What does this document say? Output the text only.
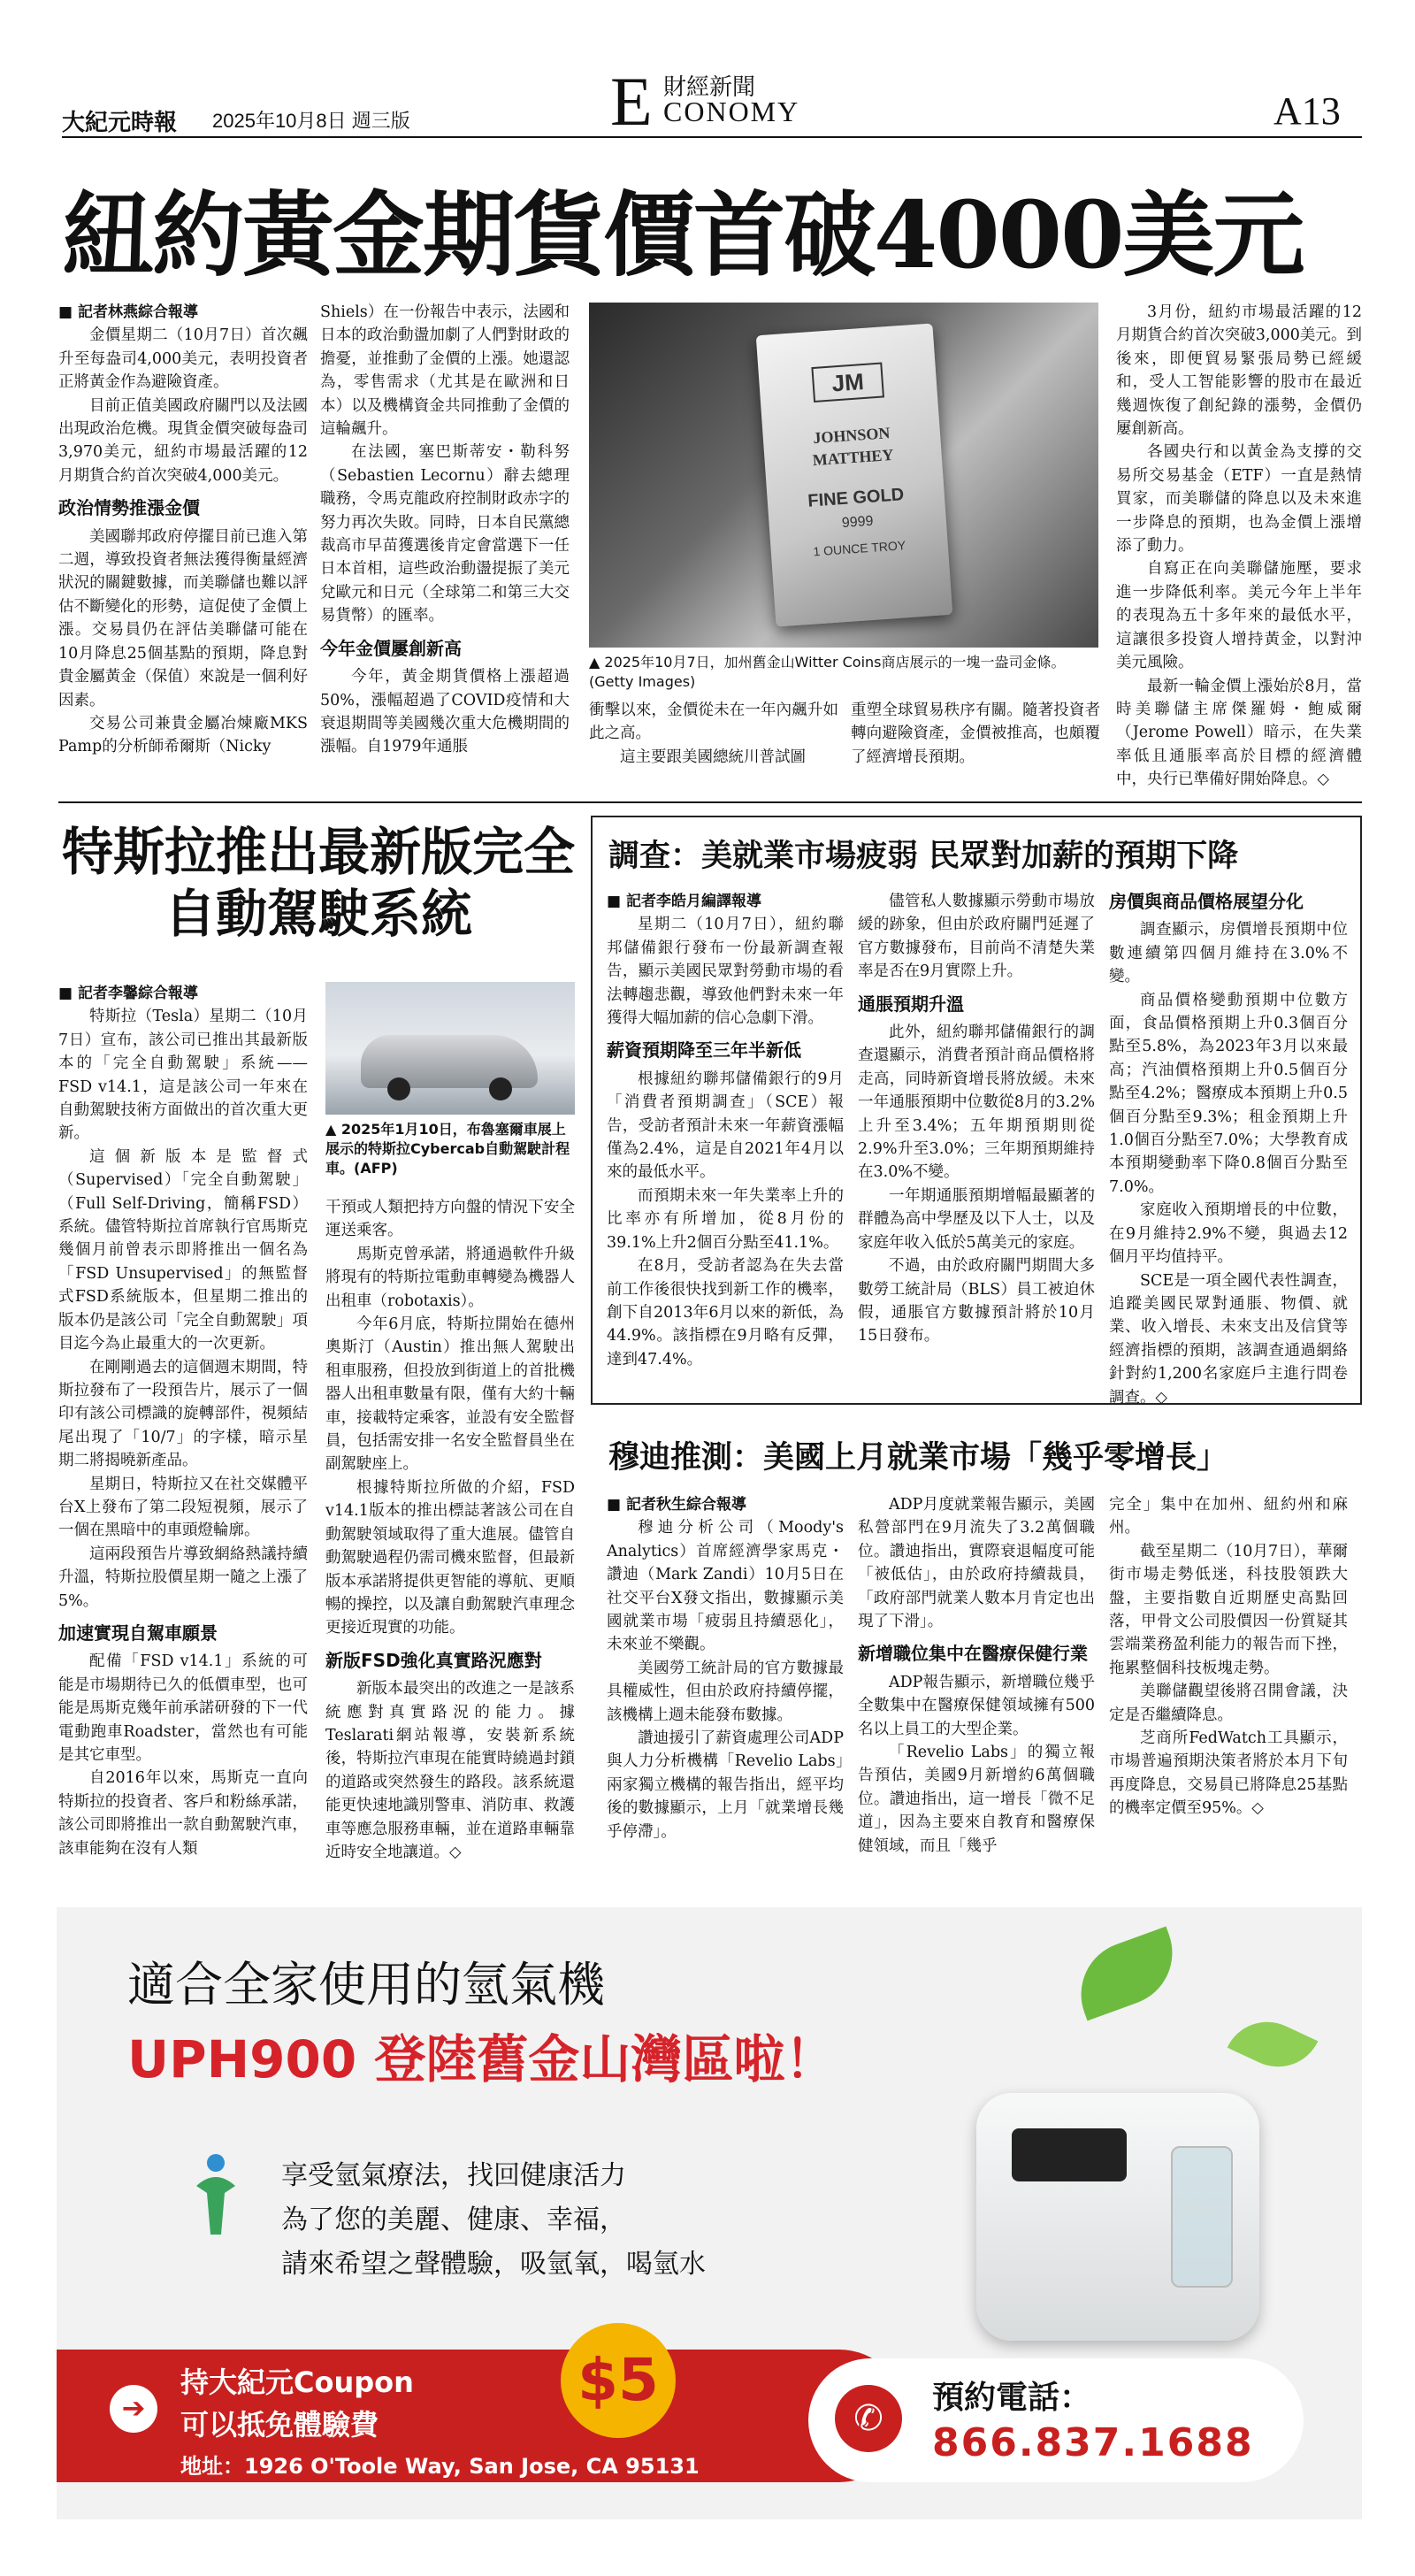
大紀元時報 2025年10月8日 週三版	E 財經新聞
CONOMY	A13
紐約黃金期貨價首破4000美元
■ 記者林燕綜合報導

金價星期二（10月7日）首次飆升至每盎司4,000美元，表明投資者正將黃金作為避險資產。

目前正值美國政府關門以及法國出現政治危機。現貨金價突破每盎司3,970美元，紐約市場最活躍的12月期貨合約首次突破4,000美元。

政治情勢推漲金價

美國聯邦政府停擺目前已進入第二週，導致投資者無法獲得衡量經濟狀況的關鍵數據，而美聯儲也難以評估不斷變化的形勢，這促使了金價上漲。交易員仍在評估美聯儲可能在10月降息25個基點的預期，降息對貴金屬黃金（保值）來說是一個利好因素。

交易公司兼貴金屬冶煉廠MKS Pamp的分析師希爾斯（Nicky

Shiels）在一份報告中表示，法國和日本的政治動盪加劇了人們對財政的擔憂，並推動了金價的上漲。她還認為，零售需求（尤其是在歐洲和日本）以及機構資金共同推動了金價的這輪飆升。

在法國，塞巴斯蒂安・勒科努（Sebastien Lecornu）辭去總理職務，令馬克龍政府控制財政赤字的努力再次失敗。同時，日本自民黨總裁高市早苗獲選後肯定會當選下一任日本首相，這些政治動盪提振了美元兌歐元和日元（全球第二和第三大交易貨幣）的匯率。

今年金價屢創新高

今年，黃金期貨價格上漲超過50%，漲幅超過了COVID疫情和大衰退期間等美國幾次重大危機期間的漲幅。自1979年通脹

JM
JOHNSON
MATTHEY
FINE GOLD
9999
1 OUNCE TROY
▲ 2025年10月7日，加州舊金山Witter Coins商店展示的一塊一盎司金條。(Getty Images)

衝擊以來，金價從未在一年內飆升如此之高。

這主要跟美國總統川普試圖

重塑全球貿易秩序有關。隨著投資者轉向避險資產，金價被推高，也頗覆了經濟增長預期。

3月份，紐約市場最活躍的12月期貨合約首次突破3,000美元。到後來，即便貿易緊張局勢已經緩和，受人工智能影響的股市在最近幾週恢復了創紀錄的漲勢，金價仍屢創新高。

各國央行和以黃金為支撐的交易所交易基金（ETF）一直是熱情買家，而美聯儲的降息以及未來進一步降息的預期，也為金價上漲增添了動力。

自寫正在向美聯儲施壓，要求進一步降低利率。美元今年上半年的表現為五十多年來的最低水平，這讓很多投資人增持黃金，以對沖美元風險。

最新一輪金價上漲始於8月，當時美聯儲主席傑羅姆・鮑威爾（Jerome Powell）暗示，在失業率低且通脹率高於目標的經濟體中，央行已準備好開始降息。◇

特斯拉推出最新版完全自動駕駛系統
■ 記者李馨綜合報導

特斯拉（Tesla）星期二（10月7日）宣布，該公司已推出其最新版本的「完全自動駕駛」系統——FSD v14.1，這是該公司一年來在自動駕駛技術方面做出的首次重大更新。

這個新版本是監督式（Supervised）「完全自動駕駛」（Full Self-Driving，簡稱FSD）系統。儘管特斯拉首席執行官馬斯克幾個月前曾表示即將推出一個名為「FSD Unsupervised」的無監督式FSD系統版本，但星期二推出的版本仍是該公司「完全自動駕駛」項目迄今為止最重大的一次更新。

在剛剛過去的這個週末期間，特斯拉發布了一段預告片，展示了一個印有該公司標識的旋轉部件，視頻結尾出現了「10/7」的字樣，暗示星期二將揭曉新產品。

星期日，特斯拉又在社交媒體平台X上發布了第二段短視頻，展示了一個在黑暗中的車頭燈輪廓。

這兩段預告片導致網絡熱議持續升溫，特斯拉股價星期一隨之上漲了5%。

加速實現自駕車願景

配備「FSD v14.1」系統的可能是市場期待已久的低價車型，也可能是馬斯克幾年前承諾研發的下一代電動跑車Roadster，當然也有可能是其它車型。

自2016年以來，馬斯克一直向特斯拉的投資者、客戶和粉絲承諾，該公司即將推出一款自動駕駛汽車，該車能夠在沒有人類

▲ 2025年1月10日，布魯塞爾車展上展示的特斯拉Cybercab自動駕駛計程車。(AFP)

干預或人類把持方向盤的情況下安全運送乘客。

馬斯克曾承諾，將通過軟件升級將現有的特斯拉電動車轉變為機器人出租車（robotaxis）。

今年6月底，特斯拉開始在德州奧斯汀（Austin）推出無人駕駛出租車服務，但投放到街道上的首批機器人出租車數量有限，僅有大約十輛車，接載特定乘客，並設有安全監督員，包括需安排一名安全監督員坐在副駕駛座上。

根據特斯拉所做的介紹，FSD v14.1版本的推出標誌著該公司在自動駕駛領域取得了重大進展。儘管自動駕駛過程仍需司機來監督，但最新版本承諾將提供更智能的導航、更順暢的操控，以及讓自動駕駛汽車理念更接近現實的功能。

新版FSD強化真實路況應對

新版本最突出的改進之一是該系統應對真實路況的能力。據Teslarati網站報導，安裝新系統後，特斯拉汽車現在能實時繞過封鎖的道路或突然發生的路段。該系統還能更快速地識別警車、消防車、救護車等應急服務車輛，並在道路車輛靠近時安全地讓道。◇

調查：美就業市場疲弱 民眾對加薪的預期下降
■ 記者李皓月編譯報導

星期二（10月7日），紐約聯邦儲備銀行發布一份最新調查報告，顯示美國民眾對勞動市場的看法轉趨悲觀，導致他們對未來一年獲得大幅加薪的信心急劇下滑。

薪資預期降至三年半新低

根據紐約聯邦儲備銀行的9月「消費者預期調查」（SCE）報告，受訪者預計未來一年薪資漲幅僅為2.4%，這是自2021年4月以來的最低水平。

而預期未來一年失業率上升的比率亦有所增加，從8月份的39.1%上升2個百分點至41.1%。

在8月，受訪者認為在失去當前工作後很快找到新工作的機率，創下自2013年6月以來的新低，為44.9%。該指標在9月略有反彈，達到47.4%。

儘管私人數據顯示勞動市場放緩的跡象，但由於政府關門延遲了官方數據發布，目前尚不清楚失業率是否在9月實際上升。

通脹預期升溫

此外，紐約聯邦儲備銀行的調查還顯示，消費者預計商品價格將走高，同時新資增長將放緩。未來一年通脹預期中位數從8月的3.2%上升至3.4%；五年期預期則從2.9%升至3.0%；三年期預期維持在3.0%不變。

一年期通脹預期增幅最顯著的群體為高中學歷及以下人士，以及家庭年收入低於5萬美元的家庭。

不過，由於政府關門期間大多數勞工統計局（BLS）員工被迫休假，通脹官方數據預計將於10月15日發布。

房價與商品價格展望分化

調查顯示，房價增長預期中位數連續第四個月維持在3.0%不變。

商品價格變動預期中位數方面，食品價格預期上升0.3個百分點至5.8%，為2023年3月以來最高；汽油價格預期上升0.5個百分點至4.2%；醫療成本預期上升0.5個百分點至9.3%；租金預期上升1.0個百分點至7.0%；大學教育成本預期變動率下降0.8個百分點至7.0%。

家庭收入預期增長的中位數，在9月維持2.9%不變，與過去12個月平均值持平。

SCE是一項全國代表性調查，追蹤美國民眾對通脹、物價、就業、收入增長、未來支出及信貸等經濟指標的預期，該調查通過網絡針對約1,200名家庭戶主進行問卷調查。◇

穆迪推測：美國上月就業市場「幾乎零增長」
■ 記者秋生綜合報導

穆迪分析公司（Moody's Analytics）首席經濟學家馬克・讚迪（Mark Zandi）10月5日在社交平台X發文指出，數據顯示美國就業市場「疲弱且持續惡化」，未來並不樂觀。

美國勞工統計局的官方數據最具權威性，但由於政府持續停擺，該機構上週未能發布數據。

讚迪援引了薪資處理公司ADP與人力分析機構「Revelio Labs」兩家獨立機構的報告指出，經平均後的數據顯示，上月「就業增長幾乎停滯」。

ADP月度就業報告顯示，美國私營部門在9月流失了3.2萬個職位。讚迪指出，實際衰退幅度可能「被低估」，由於政府持續裁員，「政府部門就業人數本月肯定也出現了下滑」。

新增職位集中在醫療保健行業

ADP報告顯示，新增職位幾乎全數集中在醫療保健領域擁有500名以上員工的大型企業。

「Revelio Labs」的獨立報告預估，美國9月新增約6萬個職位。讚迪指出，這一增長「微不足道」，因為主要來自教育和醫療保健領域，而且「幾乎

完全」集中在加州、紐約州和麻州。

截至星期二（10月7日），華爾街市場走勢低迷，科技股領跌大盤，主要指數自近期歷史高點回落，甲骨文公司股價因一份質疑其雲端業務盈利能力的報告而下挫，拖累整個科技板塊走勢。

美聯儲觀望後將召開會議，決定是否繼續降息。

芝商所FedWatch工具顯示，市場普遍預期決策者將於本月下旬再度降息，交易員已將降息25基點的機率定價至95%。◇

適合全家使用的氫氣機
UPH900 登陸舊金山灣區啦！
享受氫氣療法，找回健康活力
為了您的美麗、健康、幸福，
請來希望之聲體驗，吸氫氧，喝氫水
➔
持大紀元Coupon
可以抵免體驗費
地址：1926 O'Toole Way, San Jose, CA 95131
$5
✆
預約電話：
866.837.1688
